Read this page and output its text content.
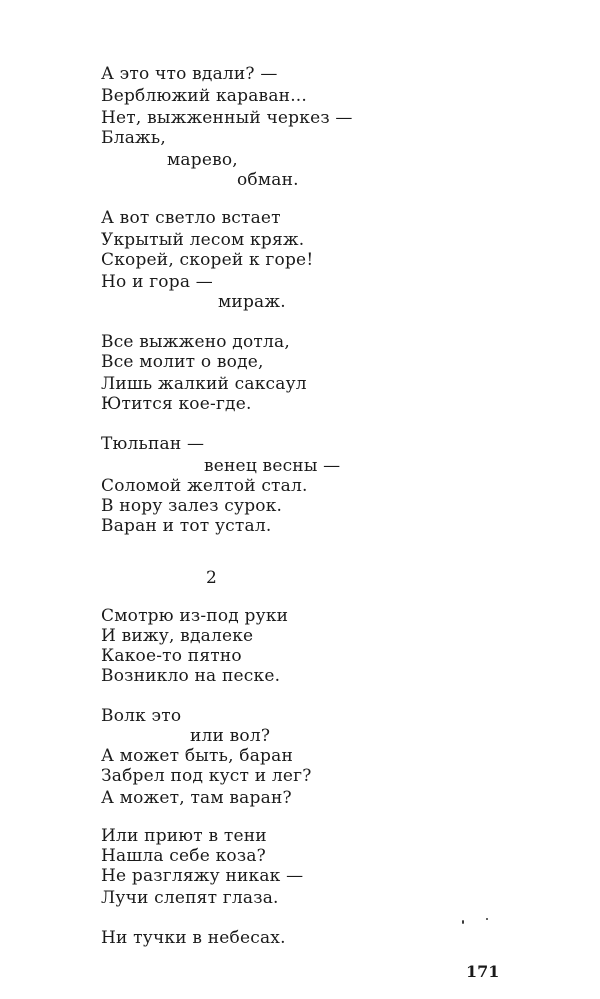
А это что вдали? —
Верблюжий караван...
Нет, выжженный черкез —
Блажь,
марево,
обман.
А вот светло встает
Укрытый лесом кряж.
Скорей, скорей к горе!
Но и гора —
мираж.
Все выжжено дотла,
Все молит о воде,
Лишь жалкий саксаул
Ютится кое-где.
Тюльпан —
венец весны —
Соломой желтой стал.
В нору залез сурок.
Варан и тот устал.
2
Смотрю из-под руки
И вижу, вдалеке
Какое-то пятно
Возникло на песке.
Волк это
или вол?
А может быть, баран
Забрел под куст и лег?
А может, там варан?
Или приют в тени
Нашла себе коза?
Не разгляжу никак —
Лучи слепят глаза.
Ни тучки в небесах.
171
